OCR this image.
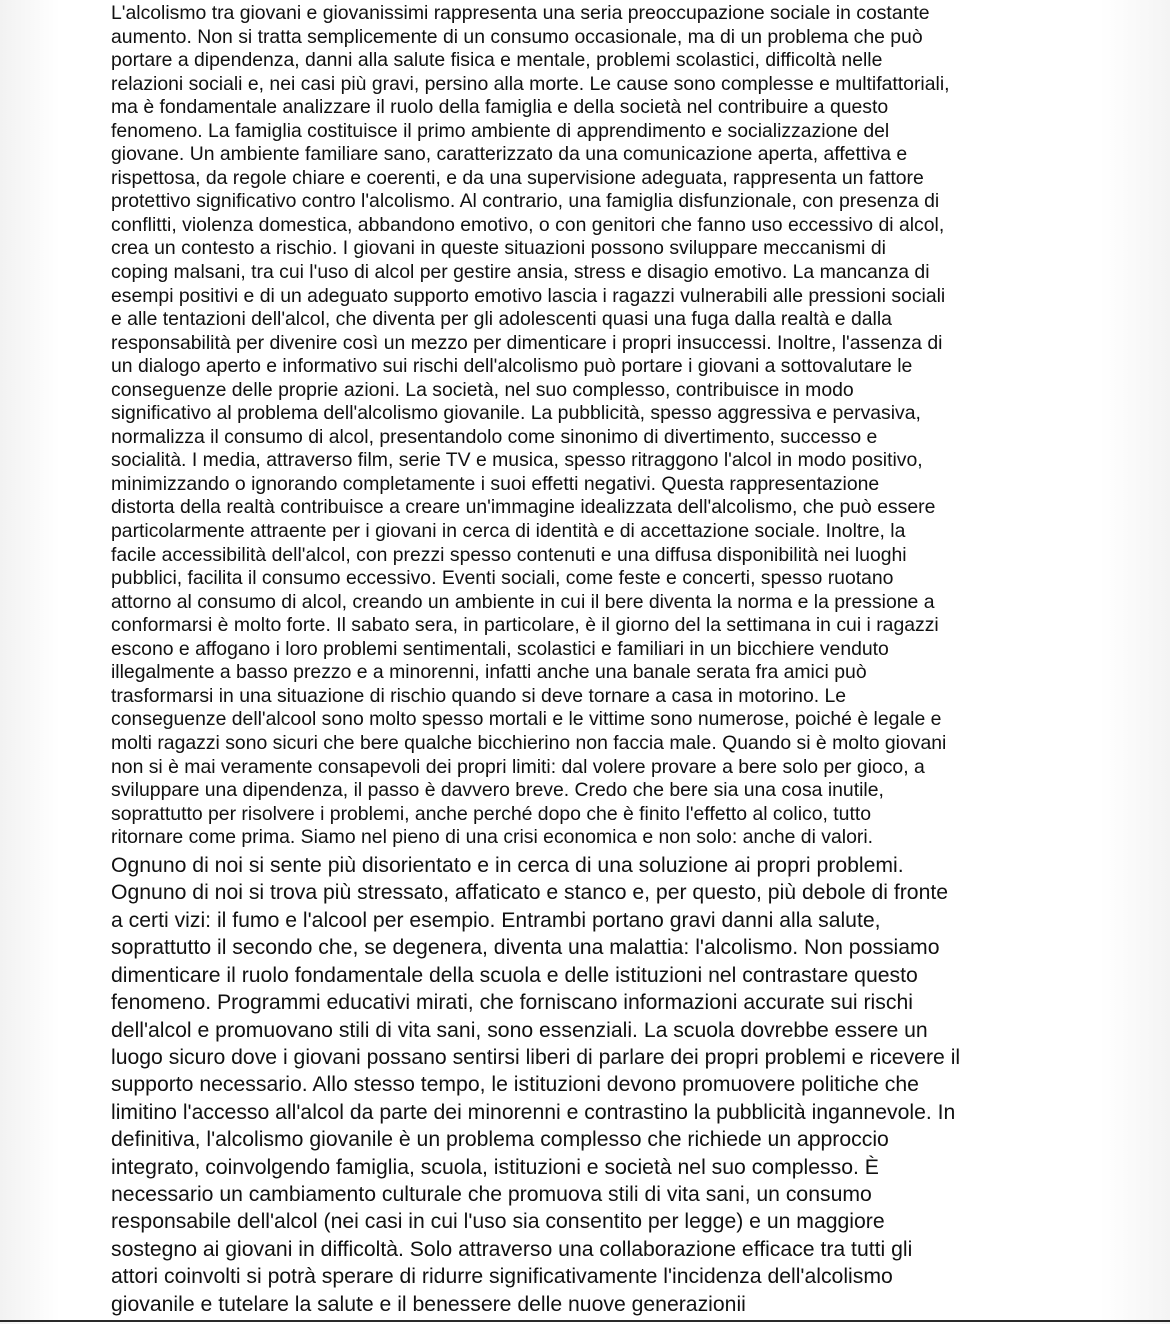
L'alcolismo tra giovani e giovanissimi rappresenta una seria preoccupazione sociale in costante
aumento. Non si tratta semplicemente di un consumo occasionale, ma di un problema che può
portare a dipendenza, danni alla salute fisica e mentale, problemi scolastici, difficoltà nelle
relazioni sociali e, nei casi più gravi, persino alla morte. Le cause sono complesse e multifattoriali,
ma è fondamentale analizzare il ruolo della famiglia e della società nel contribuire a questo
fenomeno. La famiglia costituisce il primo ambiente di apprendimento e socializzazione del
giovane. Un ambiente familiare sano, caratterizzato da una comunicazione aperta, affettiva e
rispettosa, da regole chiare e coerenti, e da una supervisione adeguata, rappresenta un fattore
protettivo significativo contro l'alcolismo. Al contrario, una famiglia disfunzionale, con presenza di
conflitti, violenza domestica, abbandono emotivo, o con genitori che fanno uso eccessivo di alcol,
crea un contesto a rischio. I giovani in queste situazioni possono sviluppare meccanismi di
coping malsani, tra cui l'uso di alcol per gestire ansia, stress e disagio emotivo. La mancanza di
esempi positivi e di un adeguato supporto emotivo lascia i ragazzi vulnerabili alle pressioni sociali
e alle tentazioni dell'alcol, che diventa per gli adolescenti quasi una fuga dalla realtà e dalla
responsabilità per divenire così un mezzo per dimenticare i propri insuccessi. Inoltre, l'assenza di
un dialogo aperto e informativo sui rischi dell'alcolismo può portare i giovani a sottovalutare le
conseguenze delle proprie azioni. La società, nel suo complesso, contribuisce in modo
significativo al problema dell'alcolismo giovanile. La pubblicità, spesso aggressiva e pervasiva,
normalizza il consumo di alcol, presentandolo come sinonimo di divertimento, successo e
socialità. I media, attraverso film, serie TV e musica, spesso ritraggono l'alcol in modo positivo,
minimizzando o ignorando completamente i suoi effetti negativi. Questa rappresentazione
distorta della realtà contribuisce a creare un'immagine idealizzata dell'alcolismo, che può essere
particolarmente attraente per i giovani in cerca di identità e di accettazione sociale. Inoltre, la
facile accessibilità dell'alcol, con prezzi spesso contenuti e una diffusa disponibilità nei luoghi
pubblici, facilita il consumo eccessivo. Eventi sociali, come feste e concerti, spesso ruotano
attorno al consumo di alcol, creando un ambiente in cui il bere diventa la norma e la pressione a
conformarsi è molto forte. Il sabato sera, in particolare, è il giorno del la settimana in cui i ragazzi
escono e affogano i loro problemi sentimentali, scolastici e familiari in un bicchiere venduto
illegalmente a basso prezzo e a minorenni, infatti anche una banale serata fra amici può
trasformarsi in una situazione di rischio quando si deve tornare a casa in motorino. Le
conseguenze dell'alcool sono molto spesso mortali e le vittime sono numerose, poiché è legale e
molti ragazzi sono sicuri che bere qualche bicchierino non faccia male. Quando si è molto giovani
non si è mai veramente consapevoli dei propri limiti: dal volere provare a bere solo per gioco, a
sviluppare una dipendenza, il passo è davvero breve. Credo che bere sia una cosa inutile,
soprattutto per risolvere i problemi, anche perché dopo che è finito l'effetto al colico, tutto
ritornare come prima. Siamo nel pieno di una crisi economica e non solo: anche di valori.
Ognuno di noi si sente più disorientato e in cerca di una soluzione ai propri problemi.
Ognuno di noi si trova più stressato, affaticato e stanco e, per questo, più debole di fronte
a certi vizi: il fumo e l'alcool per esempio. Entrambi portano gravi danni alla salute,
soprattutto il secondo che, se degenera, diventa una malattia: l'alcolismo. Non possiamo
dimenticare il ruolo fondamentale della scuola e delle istituzioni nel contrastare questo
fenomeno. Programmi educativi mirati, che forniscano informazioni accurate sui rischi
dell'alcol e promuovano stili di vita sani, sono essenziali. La scuola dovrebbe essere un
luogo sicuro dove i giovani possano sentirsi liberi di parlare dei propri problemi e ricevere il
supporto necessario. Allo stesso tempo, le istituzioni devono promuovere politiche che
limitino l'accesso all'alcol da parte dei minorenni e contrastino la pubblicità ingannevole. In
definitiva, l'alcolismo giovanile è un problema complesso che richiede un approccio
integrato, coinvolgendo famiglia, scuola, istituzioni e società nel suo complesso. È
necessario un cambiamento culturale che promuova stili di vita sani, un consumo
responsabile dell'alcol (nei casi in cui l'uso sia consentito per legge) e un maggiore
sostegno ai giovani in difficoltà. Solo attraverso una collaborazione efficace tra tutti gli
attori coinvolti si potrà sperare di ridurre significativamente l'incidenza dell'alcolismo
giovanile e tutelare la salute e il benessere delle nuove generazionii
